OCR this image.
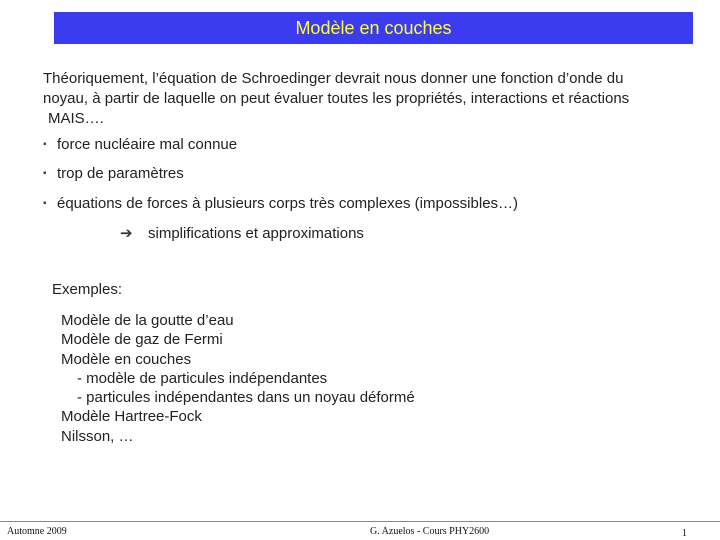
Modèle en couches
Théoriquement, l’équation de Schroedinger devrait nous donner une fonction d’onde du
noyau, à partir de laquelle on peut évaluer toutes les propriétés, interactions et réactions
MAIS….
▪ force nucléaire mal connue
▪ trop de paramètres
▪ équations de forces à plusieurs corps très complexes (impossibles…)
➔ simplifications et approximations
Exemples:
Modèle de la goutte d’eau
Modèle de gaz de Fermi
Modèle en couches
- modèle de particules indépendantes
- particules indépendantes dans un noyau déformé
Modèle Hartree-Fock
Nilsson, …
Automne 2009	G. Azuelos - Cours PHY2600	1
